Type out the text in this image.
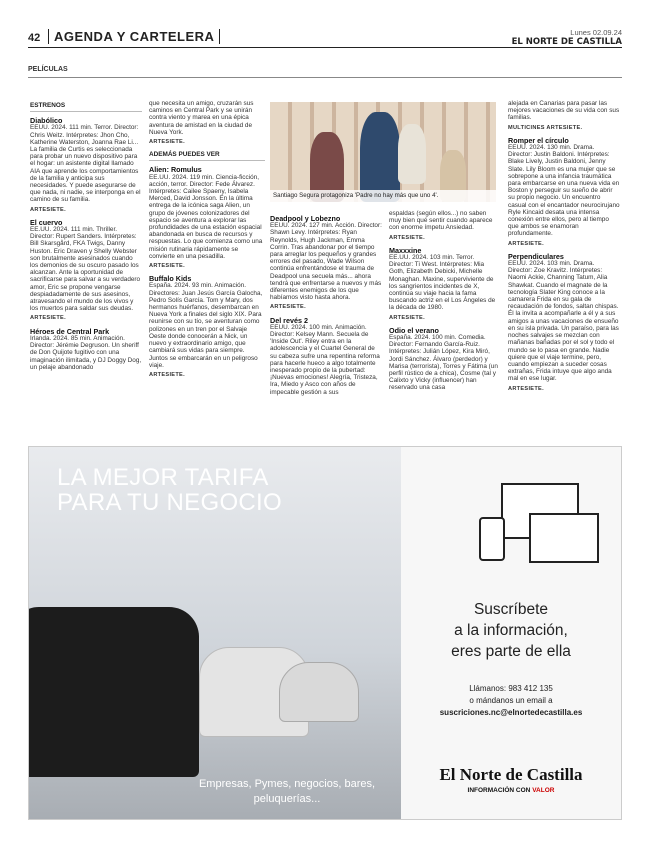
42	AGENDA Y CARTELERA	Lunes 02.09.24
EL NORTE DE CASTILLA
PELÍCULAS
ESTRENOS
Diabólico

EEUU. 2024. 111 min. Terror. Director: Chris Weitz. Intérpretes: Jhon Cho, Katherine Waterston, Joanna Rae Li... La familia de Curtis es seleccionada para probar un nuevo dispositivo para el hogar: un asistente digital llamado AIA que aprende los comportamientos de la familia y anticipa sus necesidades. Y puede asegurarse de que nada, ni nadie, se interponga en el camino de su familia.

ARTESIETE.
El cuervo

EE.UU. 2024. 111 min. Thriller. Director: Rupert Sanders. Intérpretes: Bill Skarsgård, FKA Twigs, Danny Huston. Eric Draven y Shelly Webster son brutalmente asesinados cuando los demonios de su oscuro pasado los alcanzan. Ante la oportunidad de sacrificarse para salvar a su verdadero amor, Eric se propone vengarse despiadadamente de sus asesinos, atravesando el mundo de los vivos y los muertos para saldar sus deudas.

ARTESIETE.
Héroes de Central Park

Irlanda. 2024. 85 min. Animación. Director: Jérémie Degruson. Un sheriff de Don Quijote fugitivo con una imaginación ilimitada, y DJ Doggy Dog, un pelaje abandonado

que necesita un amigo, cruzarán sus caminos en Central Park y se unirán contra viento y marea en una épica aventura de amistad en la ciudad de Nueva York.

ARTESIETE.
ADEMÁS PUEDES VER
Alien: Romulus

EE.UU. 2024. 119 min. Ciencia-ficción, acción, terror. Director: Fede Álvarez. Intérpretes: Cailee Spaeny, Isabela Merced, David Jonsson. En la última entrega de la icónica saga Alien, un grupo de jóvenes colonizadores del espacio se aventura a explorar las profundidades de una estación espacial abandonada en busca de recursos y respuestas. Lo que comienza como una misión rutinaria rápidamente se convierte en una pesadilla.

ARTESIETE.
Buffalo Kids

España. 2024. 93 min. Animación. Directores: Juan Jesús García Galocha, Pedro Solís García. Tom y Mary, dos hermanos huérfanos, desembarcan en Nueva York a finales del siglo XIX. Para reunirse con su tío, se aventuran como polizones en un tren por el Salvaje Oeste donde conocerán a Nick, un nuevo y extraordinario amigo, que cambiará sus vidas para siempre. Juntos se embarcarán en un peligroso viaje.

ARTESIETE.
Santiago Segura protagoniza 'Padre no hay más que uno 4'.
Deadpool y Lobezno

EEUU. 2024. 127 min. Acción. Director: Shawn Levy. Intérpretes: Ryan Reynolds, Hugh Jackman, Emma Corrin. Tras abandonar por el tiempo para arreglar los pequeños y grandes errores del pasado, Wade Wilson continúa enfrentándose el trauma de Deadpool una secuela más... ahora tendrá que enfrentarse a nuevos y más diferentes enemigos de los que habíamos visto hasta ahora.

ARTESIETE.
Del revés 2

EEUU. 2024. 100 min. Animación. Director: Kelsey Mann. Secuela de 'Inside Out'. Riley entra en la adolescencia y el Cuartel General de su cabeza sufre una repentina reforma para hacerle hueco a algo totalmente inesperado propio de la pubertad: ¡Nuevas emociones! Alegría, Tristeza, Ira, Miedo y Asco con años de impecable gestión a sus

espaldas (según ellos...) no saben muy bien qué sentir cuando aparece con enorme ímpetu Ansiedad.

ARTESIETE.
Maxxxine

EE.UU. 2024. 103 min. Terror. Director: Ti West. Intérpretes: Mia Goth, Elizabeth Debicki, Michelle Monaghan. Maxine, superviviente de los sangrientos incidentes de X, continúa su viaje hacia la fama buscando actriz en el Los Ángeles de la década de 1980.

ARTESIETE.
Odio el verano

España. 2024. 100 min. Comedia. Director: Fernando García-Ruiz. Intérpretes: Julián López, Kira Miró, Jordi Sánchez. Álvaro (perdedor) y Marisa (terrorista), Torres y Fátima (un perfil rústico de a chica), Cosme (tal y Calixto y Vicky (influencer) han reservado una casa

alejada en Canarias para pasar las mejores vacaciones de su vida con sus familias.

MULTICINES ARTESIETE.
Romper el círculo

EEUU. 2024. 130 min. Drama. Director: Justin Baldoni. Intérpretes: Blake Lively, Justin Baldoni, Jenny Slate. Lily Bloom es una mujer que se sobrepone a una infancia traumática para embarcarse en una nueva vida en Boston y perseguir su sueño de abrir su propio negocio. Un encuentro casual con el encantador neurocirujano Ryle Kincaid desata una intensa conexión entre ellos, pero al tiempo que ambos se enamoran profundamente.

ARTESIETE.
Perpendiculares

EEUU. 2024. 103 min. Drama. Director: Zoe Kravitz. Intérpretes: Naomi Ackie, Channing Tatum, Alia Shawkat. Cuando el magnate de la tecnología Slater King conoce a la camarera Frida en su gala de recaudación de fondos, saltan chispas. Él la invita a acompañarle a él y a sus amigos a unas vacaciones de ensueño en su isla privada. Un paraíso, para las noches salvajes se mezclan con mañanas bañadas por el sol y todo el mundo se lo pasa en grande. Nadie quiere que el viaje termine, pero, cuando empiezan a suceder cosas extrañas, Frida intuye que algo anda mal en ese lugar.

ARTESIETE.
LA MEJOR TARIFA PARA TU NEGOCIO
Empresas, Pymes, negocios, bares, peluquerías...
Suscríbete
a la información,
eres parte de ella
Llámanos: 983 412 135
o mándanos un email a
suscriciones.nc@elnortedecastilla.es
El Norte de Castilla
INFORMACIÓN CON VALOR
